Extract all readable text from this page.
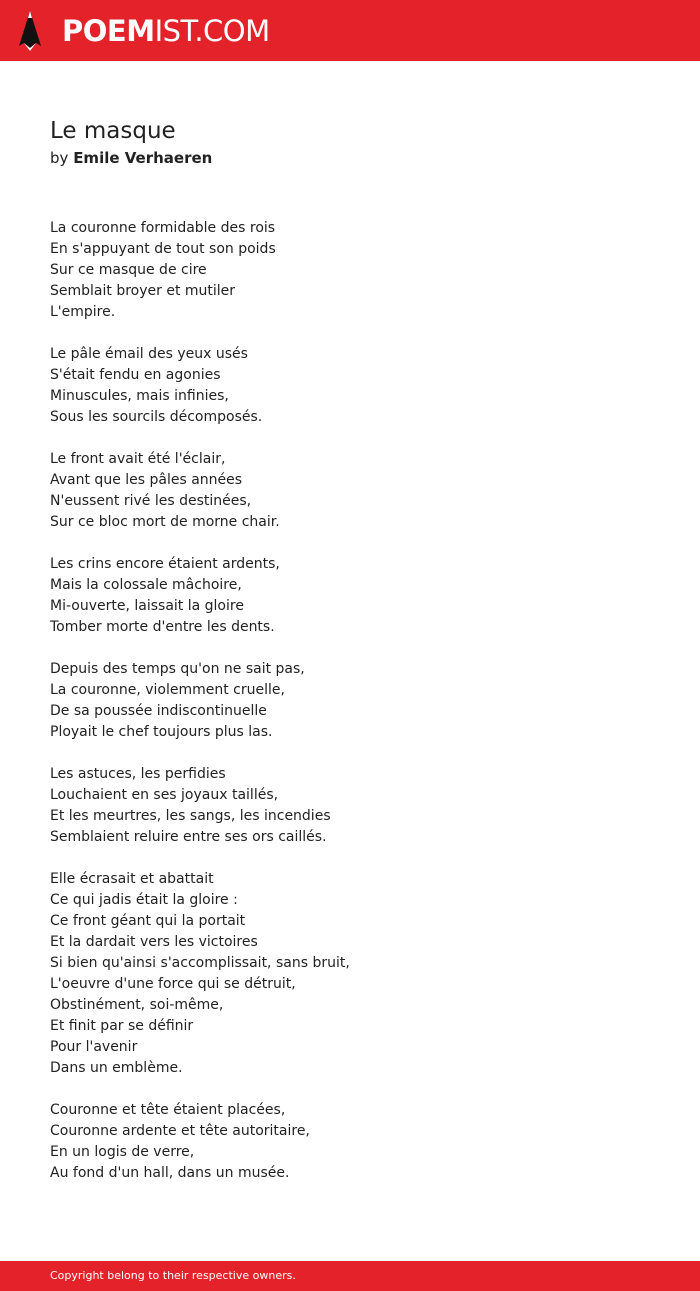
POEMIST.COM
Le masque
by Emile Verhaeren
La couronne formidable des rois
En s'appuyant de tout son poids
Sur ce masque de cire
Semblait broyer et mutiler
L'empire.
Le pâle émail des yeux usés
S'était fendu en agonies
Minuscules, mais infinies,
Sous les sourcils décomposés.
Le front avait été l'éclair,
Avant que les pâles années
N'eussent rivé les destinées,
Sur ce bloc mort de morne chair.
Les crins encore étaient ardents,
Mais la colossale mâchoire,
Mi-ouverte, laissait la gloire
Tomber morte d'entre les dents.
Depuis des temps qu'on ne sait pas,
La couronne, violemment cruelle,
De sa poussée indiscontinuelle
Ployait le chef toujours plus las.
Les astuces, les perfidies
Louchaient en ses joyaux taillés,
Et les meurtres, les sangs, les incendies
Semblaient reluire entre ses ors caillés.
Elle écrasait et abattait
Ce qui jadis était la gloire :
Ce front géant qui la portait
Et la dardait vers les victoires
Si bien qu'ainsi s'accomplissait, sans bruit,
L'oeuvre d'une force qui se détruit,
Obstinément, soi-même,
Et finit par se définir
Pour l'avenir
Dans un emblème.
Couronne et tête étaient placées,
Couronne ardente et tête autoritaire,
En un logis de verre,
Au fond d'un hall, dans un musée.
Copyright belong to their respective owners.
